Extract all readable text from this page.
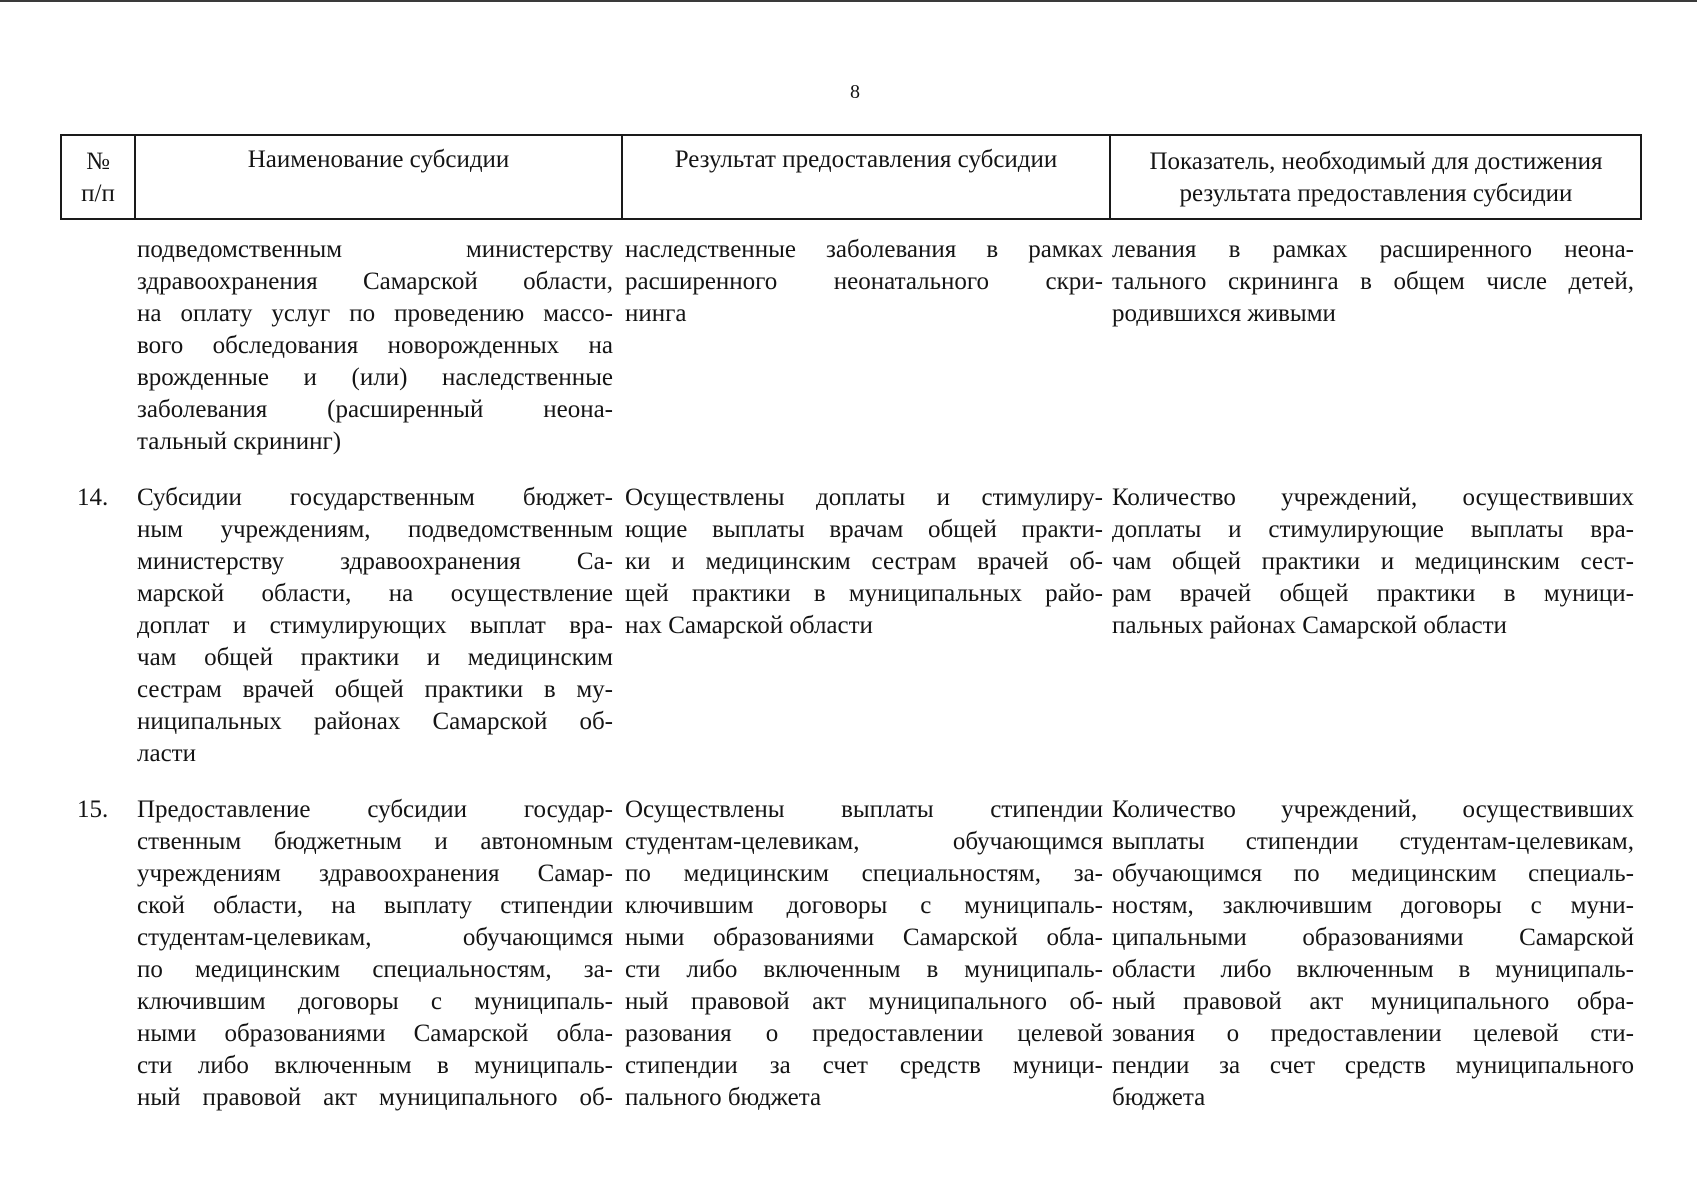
8
№
п/п
Наименование субсидии	Результат предоставления субсидии	Показатель, необходимый для достижения
результата предоставления субсидии
подведомственным министерству
здравоохранения Самарской области,
на оплату услуг по проведению массо-
вого обследования новорожденных на
врожденные и (или) наследственные
заболевания (расширенный неона-
тальный скрининг)
наследственные заболевания в рамках
расширенного неонатального скри-
нинга
левания в рамках расширенного неона-
тального скрининга в общем числе детей,
родившихся живыми
14. Субсидии государственным бюджет-
ным учреждениям, подведомственным
министерству здравоохранения Са-
марской области, на осуществление
доплат и стимулирующих выплат вра-
чам общей практики и медицинским
сестрам врачей общей практики в му-
ниципальных районах Самарской об-
ласти
Осуществлены доплаты и стимулиру-
ющие выплаты врачам общей практи-
ки и медицинским сестрам врачей об-
щей практики в муниципальных райо-
нах Самарской области
Количество учреждений, осуществивших
доплаты и стимулирующие выплаты вра-
чам общей практики и медицинским сест-
рам врачей общей практики в муници-
пальных районах Самарской области
15. Предоставление субсидии государ-
ственным бюджетным и автономным
учреждениям здравоохранения Самар-
ской области, на выплату стипендии
студентам-целевикам, обучающимся
по медицинским специальностям, за-
ключившим договоры с муниципаль-
ными образованиями Самарской обла-
сти либо включенным в муниципаль-
ный правовой акт муниципального об-
Осуществлены выплаты стипендии
студентам-целевикам, обучающимся
по медицинским специальностям, за-
ключившим договоры с муниципаль-
ными образованиями Самарской обла-
сти либо включенным в муниципаль-
ный правовой акт муниципального об-
разования о предоставлении целевой
стипендии за счет средств муници-
пального бюджета
Количество учреждений, осуществивших
выплаты стипендии студентам-целевикам,
обучающимся по медицинским специаль-
ностям, заключившим договоры с муни-
ципальными образованиями Самарской
области либо включенным в муниципаль-
ный правовой акт муниципального обра-
зования о предоставлении целевой сти-
пендии за счет средств муниципального
бюджета
